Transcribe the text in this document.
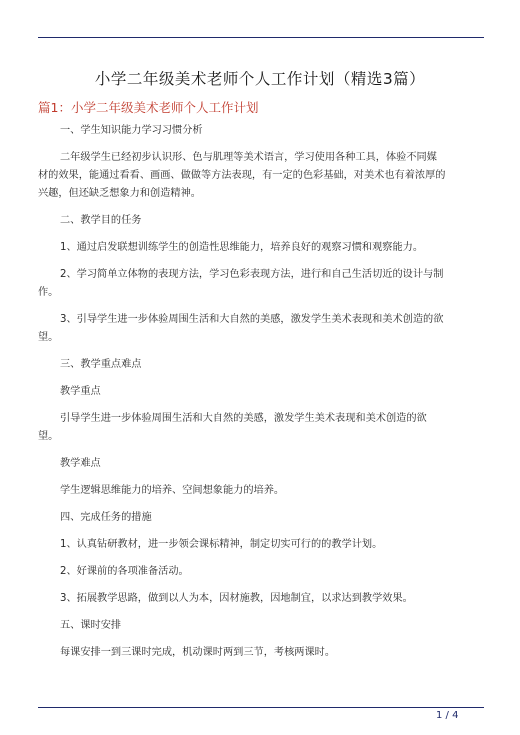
小学二年级美术老师个人工作计划（精选3篇）
篇1：小学二年级美术老师个人工作计划

一、学生知识能力学习习惯分析

二年级学生已经初步认识形、色与肌理等美术语言，学习使用各种工具，体验不同媒材的效果，能通过看看、画画、做做等方法表现，有一定的色彩基础，对美术也有着浓厚的兴趣，但还缺乏想象力和创造精神。

二、教学目的任务

1、通过启发联想训练学生的创造性思维能力，培养良好的观察习惯和观察能力。

2、学习简单立体物的表现方法，学习色彩表现方法，进行和自己生活切近的设计与制作。

3、引导学生进一步体验周围生活和大自然的美感，激发学生美术表现和美术创造的欲望。

三、教学重点难点

教学重点

引导学生进一步体验周围生活和大自然的美感，激发学生美术表现和美术创造的欲望。

教学难点

学生逻辑思维能力的培养、空间想象能力的培养。

四、完成任务的措施

1、认真钻研教材，进一步领会课标精神，制定切实可行的的教学计划。

2、好课前的各项准备活动。

3、拓展教学思路，做到以人为本，因材施教，因地制宜，以求达到教学效果。

五、课时安排

每课安排一到三课时完成，机动课时两到三节，考核两课时。

1 / 4
